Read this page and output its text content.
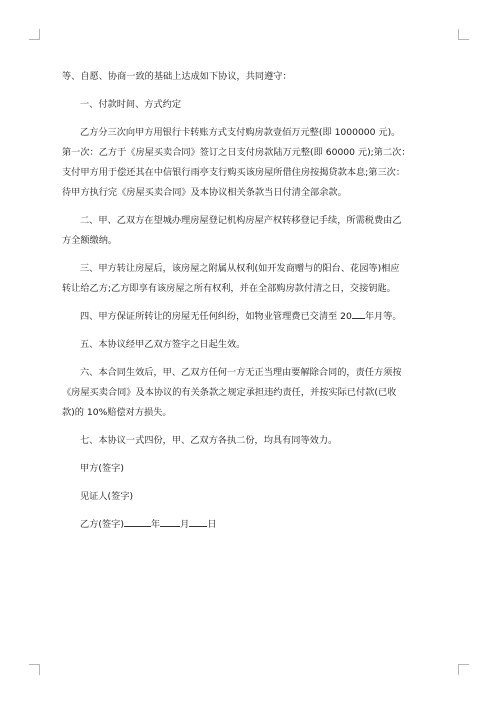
等、自愿、协商一致的基础上达成如下协议，共同遵守：

一、付款时间、方式约定

乙方分三次向甲方用银行卡转账方式支付购房款壹佰万元整(即 1000000 元)。

第一次：乙方于《房屋买卖合同》签订之日支付房款陆万元整(即 60000 元);第二次：

支付甲方用于偿还其在中信银行雨亭支行购买该房屋所借住房按揭贷款本息;第三次：

待甲方执行完《房屋买卖合同》及本协议相关条款当日付清全部余款。

二、甲、乙双方在望城办理房屋登记机构房屋产权转移登记手续，所需税费由乙

方全额缴纳。

三、甲方转让房屋后，该房屋之附属从权利(如开发商赠与的阳台、花园等)相应

转让给乙方;乙方即享有该房屋之所有权利，并在全部购房款付清之日，交接钥匙。

四、甲方保证所转让的房屋无任何纠纷，如物业管理费已交清至 20 年月等。

五、本协议经甲乙双方签字之日起生效。

六、本合同生效后，甲、乙双方任何一方无正当理由要解除合同的，责任方须按

《房屋买卖合同》及本协议的有关条款之规定承担违约责任，并按实际已付款(已收

款)的 10%赔偿对方损失。

七、本协议一式四份，甲、乙双方各执二份，均具有同等效力。

甲方(签字)

见证人(签字)

乙方(签字)	年 月 日
